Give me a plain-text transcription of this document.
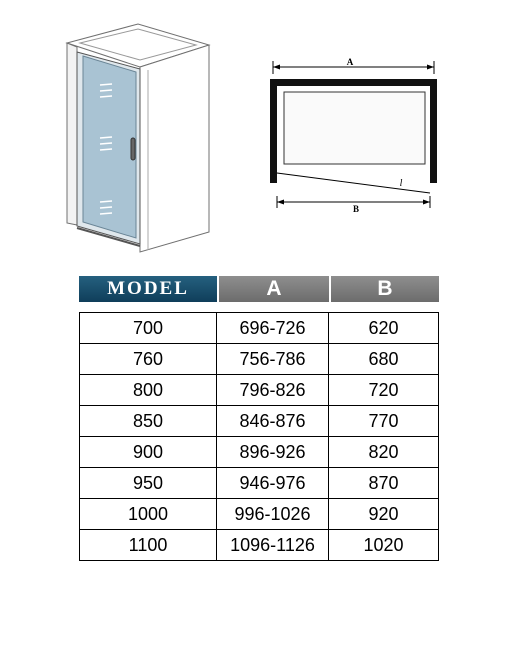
A
l
B
MODEL	A	B

700	696-726	620
760	756-786	680
800	796-826	720
850	846-876	770
900	896-926	820
950	946-976	870
1000	996-1026	920
1100	1096-1126	1020
